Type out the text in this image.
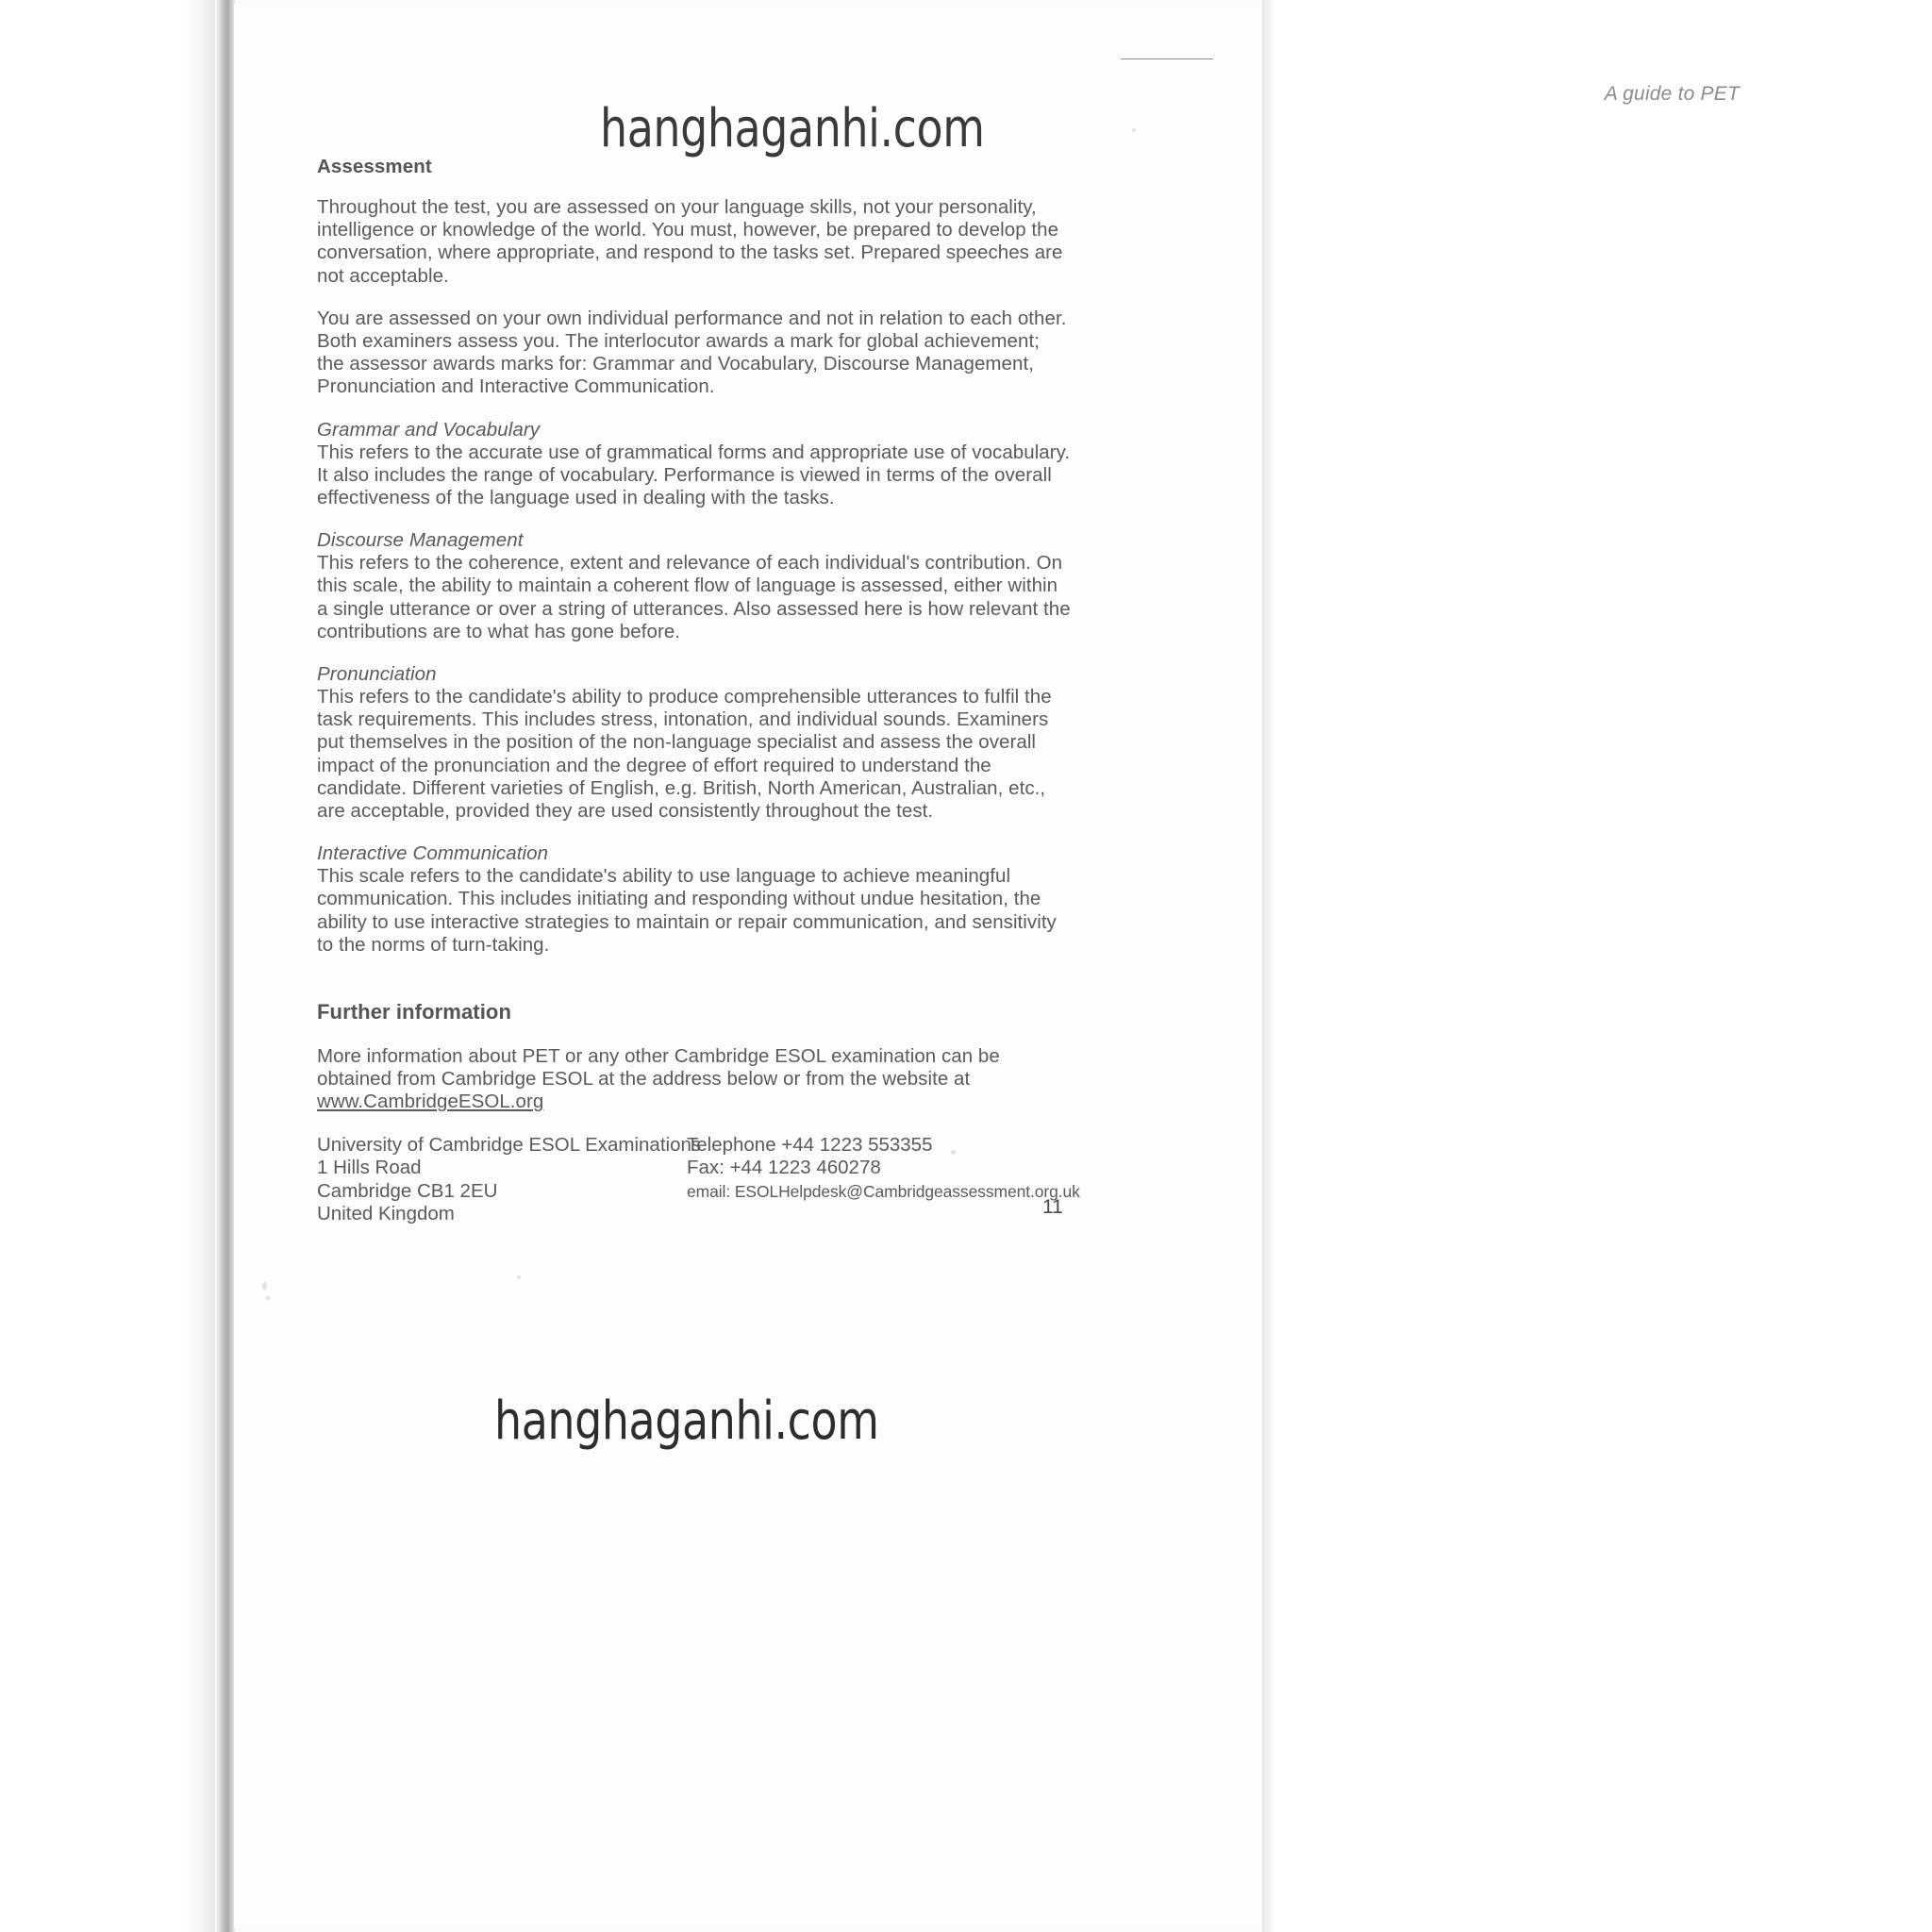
A guide to PET
hanghaganhi.com
Assessment

Throughout the test, you are assessed on your language skills, not your personality, intelligence or knowledge of the world. You must, however, be prepared to develop the conversation, where appropriate, and respond to the tasks set. Prepared speeches are not acceptable.

You are assessed on your own individual performance and not in relation to each other. Both examiners assess you. The interlocutor awards a mark for global achievement; the assessor awards marks for: Grammar and Vocabulary, Discourse Management, Pronunciation and Interactive Communication.

Grammar and Vocabulary

This refers to the accurate use of grammatical forms and appropriate use of vocabulary. It also includes the range of vocabulary. Performance is viewed in terms of the overall effectiveness of the language used in dealing with the tasks.

Discourse Management

This refers to the coherence, extent and relevance of each individual's contribution. On this scale, the ability to maintain a coherent flow of language is assessed, either within a single utterance or over a string of utterances. Also assessed here is how relevant the contributions are to what has gone before.

Pronunciation

This refers to the candidate's ability to produce comprehensible utterances to fulfil the task requirements. This includes stress, intonation, and individual sounds. Examiners put themselves in the position of the non-language specialist and assess the overall impact of the pronunciation and the degree of effort required to understand the candidate. Different varieties of English, e.g. British, North American, Australian, etc., are acceptable, provided they are used consistently throughout the test.

Interactive Communication

This scale refers to the candidate's ability to use language to achieve meaningful communication. This includes initiating and responding without undue hesitation, the ability to use interactive strategies to maintain or repair communication, and sensitivity to the norms of turn-taking.

Further information

More information about PET or any other Cambridge ESOL examination can be obtained from Cambridge ESOL at the address below or from the website at www.CambridgeESOL.org

University of Cambridge ESOL Examinations
1 Hills Road
Cambridge CB1 2EU
United Kingdom
Telephone +44 1223 553355
Fax: +44 1223 460278
email: ESOLHelpdesk@Cambridgeassessment.org.uk
11
hanghaganhi.com
